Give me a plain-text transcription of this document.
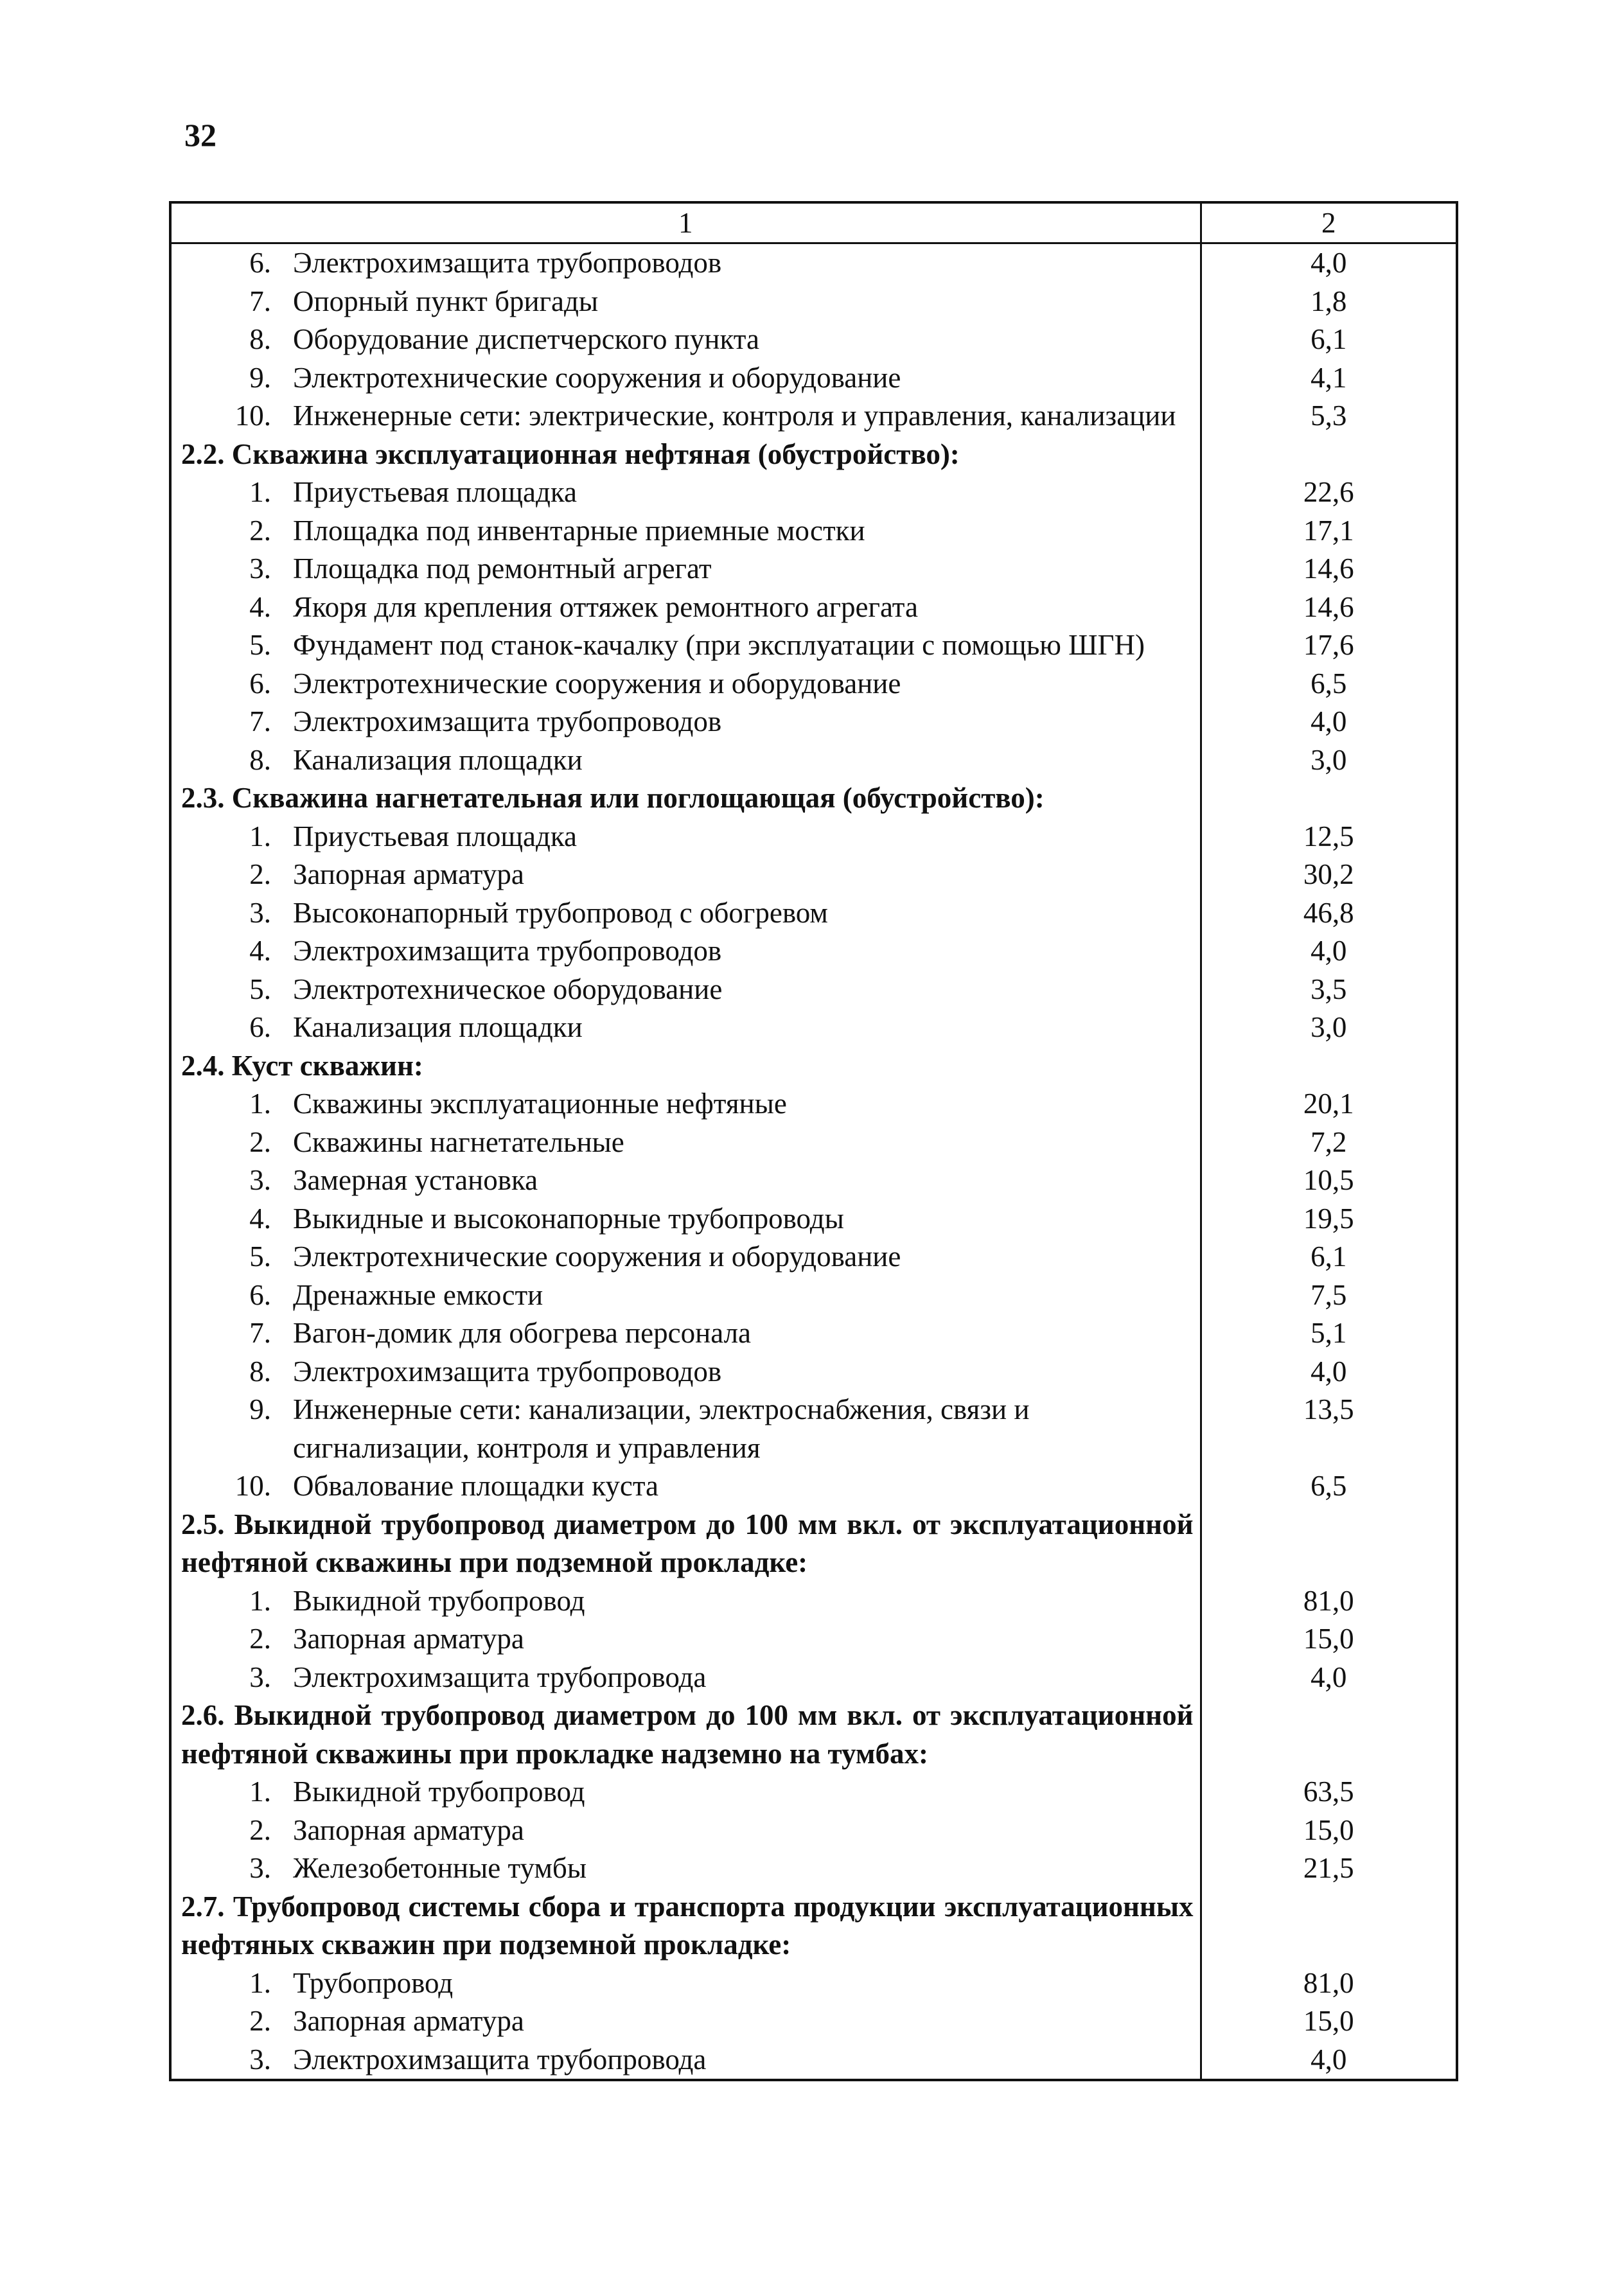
32
1	2

6. Электрохимзащита трубопроводов	4,0

7. Опорный пункт бригады	1,8

8. Оборудование диспетчерского пункта	6,1

9. Электротехнические сооружения и оборудование	4,1

10. Инженерные сети: электрические, контроля и управления, канализации	5,3

2.2. Скважина эксплуатационная нефтяная (обустройство):	

1. Приустьевая площадка	22,6

2. Площадка под инвентарные приемные мостки	17,1

3. Площадка под ремонтный агрегат	14,6

4. Якоря для крепления оттяжек ремонтного агрегата	14,6

5. Фундамент под станок-качалку (при эксплуатации с помощью ШГН)	17,6

6. Электротехнические сооружения и оборудование	6,5

7. Электрохимзащита трубопроводов	4,0

8. Канализация площадки	3,0

2.3. Скважина нагнетательная или поглощающая (обустройство):	

1. Приустьевая площадка	12,5

2. Запорная арматура	30,2

3. Высоконапорный трубопровод с обогревом	46,8

4. Электрохимзащита трубопроводов	4,0

5. Электротехническое оборудование	3,5

6. Канализация площадки	3,0

2.4. Куст скважин:	

1. Скважины эксплуатационные нефтяные	20,1

2. Скважины нагнетательные	7,2

3. Замерная установка	10,5

4. Выкидные и высоконапорные трубопроводы	19,5

5. Электротехнические сооружения и оборудование	6,1

6. Дренажные емкости	7,5

7. Вагон-домик для обогрева персонала	5,1

8. Электрохимзащита трубопроводов	4,0

9. Инженерные сети: канализации, электроснабжения, связи и сигнализации, контроля и управления	13,5

10. Обвалование площадки куста	6,5

2.5. Выкидной трубопровод диаметром до 100 мм вкл. от эксплуатационной нефтяной скважины при подземной прокладке:	

1. Выкидной трубопровод	81,0

2. Запорная арматура	15,0

3. Электрохимзащита трубопровода	4,0

2.6. Выкидной трубопровод диаметром до 100 мм вкл. от эксплуатационной нефтяной скважины при прокладке надземно на тумбах:	

1. Выкидной трубопровод	63,5

2. Запорная арматура	15,0

3. Железобетонные тумбы	21,5

2.7. Трубопровод системы сбора и транспорта продукции эксплуатационных нефтяных скважин при подземной прокладке:	

1. Трубопровод	81,0

2. Запорная арматура	15,0

3. Электрохимзащита трубопровода	4,0
